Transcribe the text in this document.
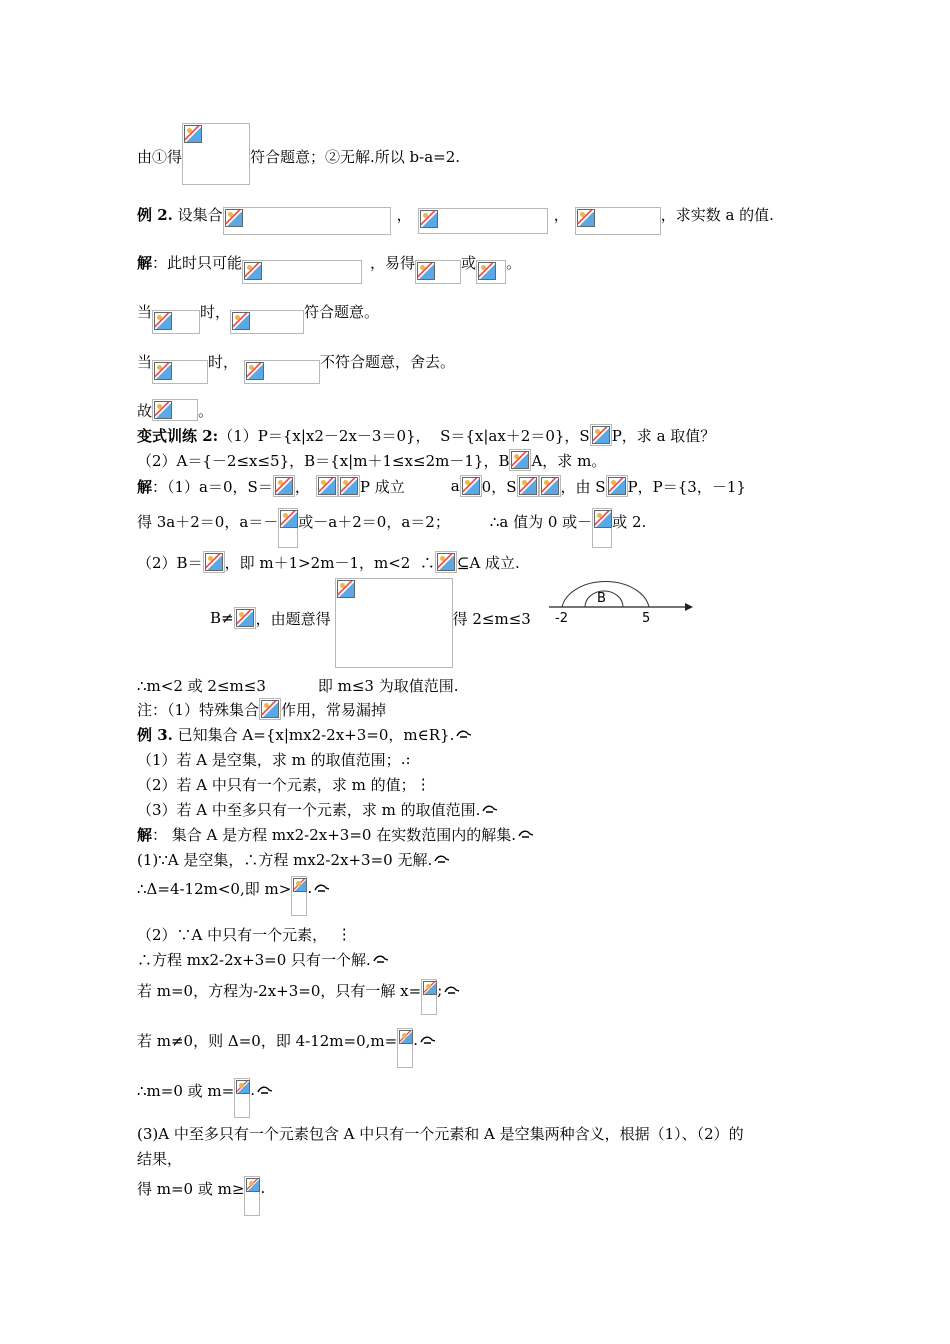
由①得	符合题意；②无解.所以 b-a=2.
例 2. 设集合	，	，	，求实数 a 的值.
解 ：此时只可能	，易得	或 。
当	时，	符合题意。
当	时，	不符合题意，舍去。
故	。
变式训练 2: （1）P＝{x|x2－2x－3＝0}，  S＝{x|ax＋2＝0}，S P，求 a 取值？
（2）A＝{－2≤x≤5}，B＝{x|m＋1≤x≤2m－1}，B A，求 m。
解 ：（1）a＝0，S＝ ，	P 成立	a 0，S	，由 S P，P＝{3，－1}
得 3a＋2＝0，a＝－ 或－a＋2＝0，a＝2；	∴a 值为 0 或－ 或 2.
（2）B＝ ，即 m＋1>2m－1，m<2  ∴ ⊆A 成立.
B≠ ，由题意得	得 2≤m≤3 -2
B
5
∴m<2 或 2≤m≤3	即 m≤3 为取值范围.
注：（1）特殊集合 作用，常易漏掉
例 3. 已知集合 A={x|mx2-2x+3=0，m∈R}.
（1）若 A 是空集，求 m 的取值范围； .:
（2）若 A 中只有一个元素，求 m 的值； ⋮
（3）若 A 中至多只有一个元素，求 m 的取值范围.
解 ： 集合 A 是方程 mx2-2x+3=0 在实数范围内的解集.
(1)∵A 是空集，∴方程 mx2-2x+3=0 无解.
∴Δ=4-12m<0,即 m> .
（2）∵A 中只有一个元素， ⋮
∴方程 mx2-2x+3=0 只有一个解.
若 m=0，方程为-2x+3=0，只有一解 x= ;
若 m≠0，则 Δ=0，即 4-12m=0,m= .
∴m=0 或 m= .
(3)A 中至多只有一个元素包含 A 中只有一个元素和 A 是空集两种含义，根据（1）、（2）的
结果，
得 m=0 或 m≥ .
